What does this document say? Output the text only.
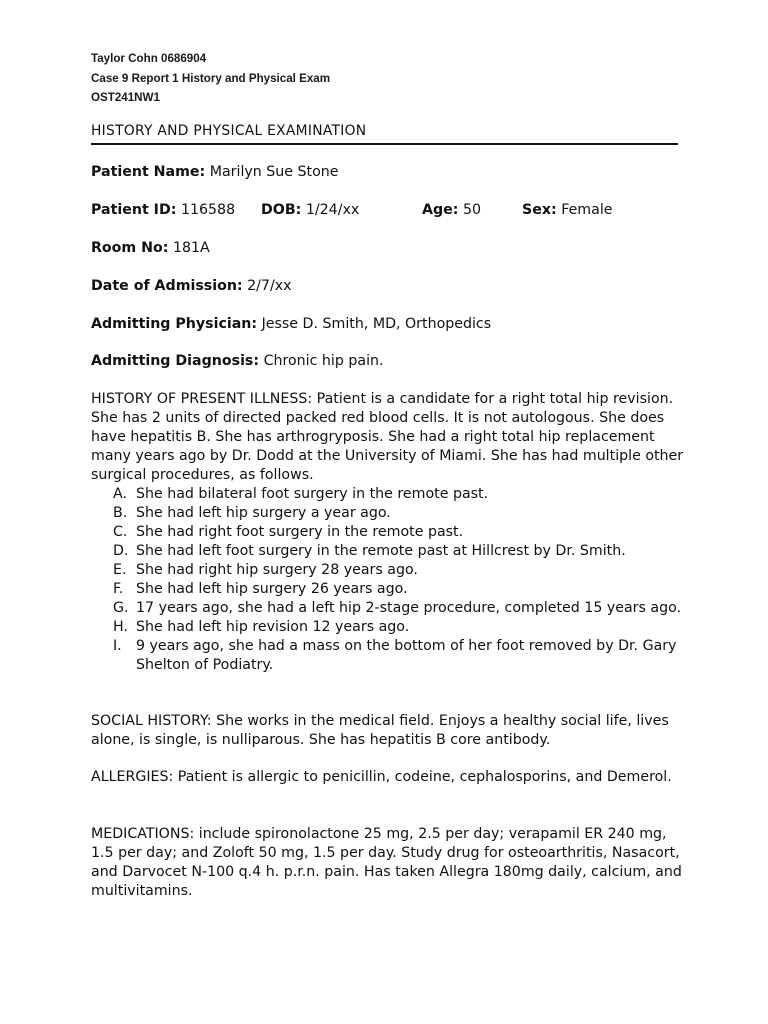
Taylor Cohn 0686904
Case 9 Report 1 History and Physical Exam
OST241NW1
HISTORY AND PHYSICAL EXAMINATION
Patient Name: Marilyn Sue Stone
Patient ID: 116588 DOB: 1/24/xx	Age: 50	Sex: Female
Room No: 181A
Date of Admission: 2/7/xx
Admitting Physician: Jesse D. Smith, MD, Orthopedics
Admitting Diagnosis: Chronic hip pain.

HISTORY OF PRESENT ILLNESS: Patient is a candidate for a right total hip revision. She has 2 units of directed packed red blood cells. It is not autologous. She does have hepatitis B. She has arthrogryposis. She had a right total hip replacement many years ago by Dr. Dodd at the University of Miami. She has had multiple other surgical procedures, as follows.

A. She had bilateral foot surgery in the remote past.
B. She had left hip surgery a year ago.
C. She had right foot surgery in the remote past.
D. She had left foot surgery in the remote past at Hillcrest by Dr. Smith.
E. She had right hip surgery 28 years ago.
F. She had left hip surgery 26 years ago.
G. 17 years ago, she had a left hip 2-stage procedure, completed 15 years ago.
H. She had left hip revision 12 years ago.
I. 9 years ago, she had a mass on the bottom of her foot removed by Dr. Gary Shelton of Podiatry.

SOCIAL HISTORY: She works in the medical field. Enjoys a healthy social life, lives alone, is single, is nulliparous. She has hepatitis B core antibody.

ALLERGIES: Patient is allergic to penicillin, codeine, cephalosporins, and Demerol.

MEDICATIONS: include spironolactone 25 mg, 2.5 per day; verapamil ER 240 mg, 1.5 per day; and Zoloft 50 mg, 1.5 per day. Study drug for osteoarthritis, Nasacort, and Darvocet N-100 q.4 h. p.r.n. pain. Has taken Allegra 180mg daily, calcium, and multivitamins.
